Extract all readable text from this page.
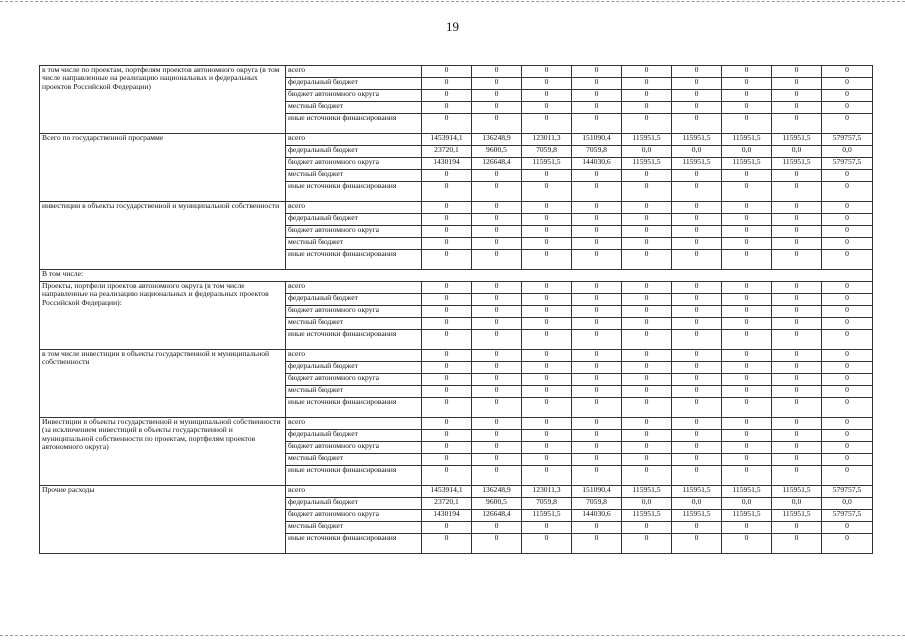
19
в том числе по проектам, портфелям проектов автономного округа (в том числе направленные на реализацию национальных и федеральных проектов Российской Федерации)	всего	0	0	0	0	0	0	0	0	0
	федеральный бюджет	0	0	0	0	0	0	0	0	0
	бюджет автономного округа	0	0	0	0	0	0	0	0	0
	местный бюджет	0	0	0	0	0	0	0	0	0
	иные источники финансирования	0	0	0	0	0	0	0	0	0
Всего по государственной программе	всего	1453914,1	136248,9	123011,3	151090,4	115951,5	115951,5	115951,5	115951,5	579757,5
	федеральный бюджет	23720,1	9600,5	7059,8	7059,8	0,0	0,0	0,0	0,0	0,0
	бюджет автономного округа	1430194	126648,4	115951,5	144030,6	115951,5	115951,5	115951,5	115951,5	579757,5
	местный бюджет	0	0	0	0	0	0	0	0	0
	иные источники финансирования	0	0	0	0	0	0	0	0	0
инвестиции в объекты государственной и муниципальной собственности	всего	0	0	0	0	0	0	0	0	0
	федеральный бюджет	0	0	0	0	0	0	0	0	0
	бюджет автономного округа	0	0	0	0	0	0	0	0	0
	местный бюджет	0	0	0	0	0	0	0	0	0
	иные источники финансирования	0	0	0	0	0	0	0	0	0
В том числе:										
Проекты, портфели проектов автономного округа (в том числе направленные на реализацию национальных и федеральных проектов Российской Федерации):	всего	0	0	0	0	0	0	0	0	0
	федеральный бюджет	0	0	0	0	0	0	0	0	0
	бюджет автономного округа	0	0	0	0	0	0	0	0	0
	местный бюджет	0	0	0	0	0	0	0	0	0
	иные источники финансирования	0	0	0	0	0	0	0	0	0
в том числе инвестиции в объекты государственной и муниципальной собственности	всего	0	0	0	0	0	0	0	0	0
	федеральный бюджет	0	0	0	0	0	0	0	0	0
	бюджет автономного округа	0	0	0	0	0	0	0	0	0
	местный бюджет	0	0	0	0	0	0	0	0	0
	иные источники финансирования	0	0	0	0	0	0	0	0	0
Инвестиции в объекты государственной и муниципальной собственности (за исключением инвестиций в объекты государственной и муниципальной собственности по проектам, портфелям проектов автономного округа)	всего	0	0	0	0	0	0	0	0	0
	федеральный бюджет	0	0	0	0	0	0	0	0	0
	бюджет автономного округа	0	0	0	0	0	0	0	0	0
	местный бюджет	0	0	0	0	0	0	0	0	0
	иные источники финансирования	0	0	0	0	0	0	0	0	0
Прочие расходы	всего	1453914,1	136248,9	123011,3	151090,4	115951,5	115951,5	115951,5	115951,5	579757,5
	федеральный бюджет	23720,1	9600,5	7059,8	7059,8	0,0	0,0	0,0	0,0	0,0
	бюджет автономного округа	1430194	126648,4	115951,5	144030,6	115951,5	115951,5	115951,5	115951,5	579757,5
	местный бюджет	0	0	0	0	0	0	0	0	0
	иные источники финансирования	0	0	0	0	0	0	0	0	0
